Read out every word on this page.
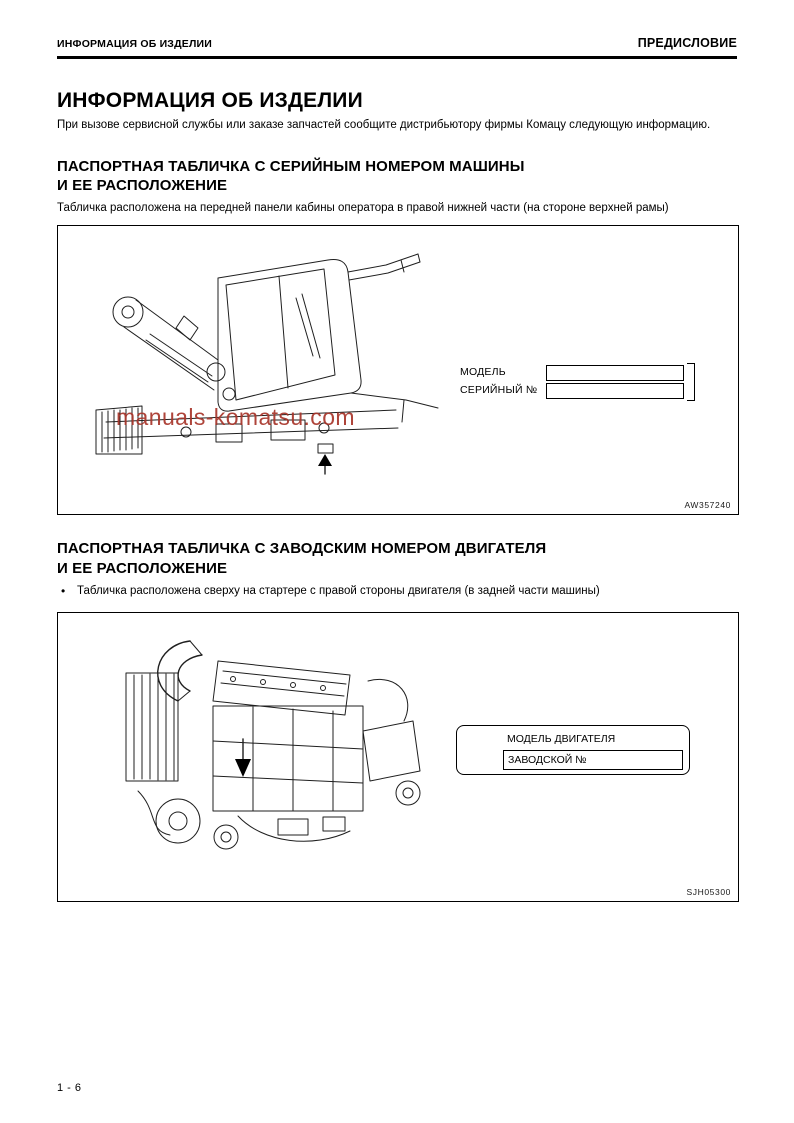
ИНФОРМАЦИЯ ОБ ИЗДЕЛИИ	ПРЕДИСЛОВИЕ
ИНФОРМАЦИЯ ОБ ИЗДЕЛИИ

При вызове сервисной службы или заказе запчастей сообщите дистрибьютору фирмы Комацу следующую информацию.

ПАСПОРТНАЯ ТАБЛИЧКА С СЕРИЙНЫМ НОМЕРОМ МАШИНЫ
И ЕЕ РАСПОЛОЖЕНИЕ

Табличка расположена на передней панели кабины оператора в правой нижней части (на стороне верхней рамы)

МОДЕЛЬ
СЕРИЙНЫЙ №
manuals-komatsu.com
AW357240
ПАСПОРТНАЯ ТАБЛИЧКА С ЗАВОДСКИМ НОМЕРОМ ДВИГАТЕЛЯ
И ЕЕ РАСПОЛОЖЕНИЕ
•
Табличка расположена сверху на стартере с правой стороны двигателя (в задней части машины)
МОДЕЛЬ ДВИГАТЕЛЯ
ЗАВОДСКОЙ №
SJH05300
1 - 6
